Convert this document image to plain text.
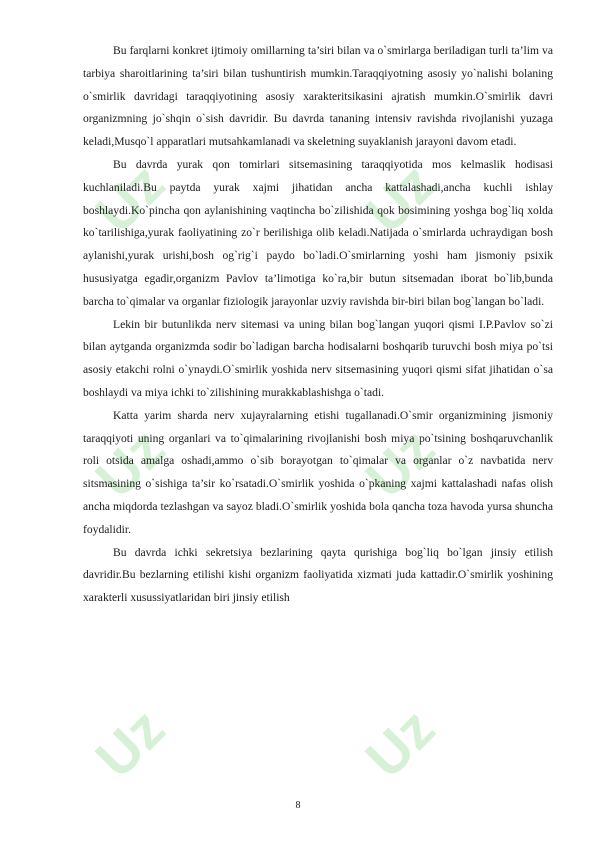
Uz	Uz
Uz	Uz
Uz	Uz

Bu farqlarni konkret ijtimoiy omillarning ta’siri bilan va o`smirlarga beriladigan turli ta’lim va tarbiya sharoitlarining ta’siri bilan tushuntirish mumkin.Taraqqiyotning asosiy yo`nalishi bolaning o`smirlik davridagi taraqqiyotining asosiy xarakteritsikasini ajratish mumkin.O`smirlik davri organizmning jo`shqin o`sish davridir. Bu davrda tananing intensiv ravishda rivojlanishi yuzaga keladi,Musqo`l apparatlari mutsahkamlanadi va skeletning suyaklanish jarayoni davom etadi.

Bu davrda yurak qon tomirlari sitsemasining taraqqiyotida mos kelmaslik hodisasi kuchlaniladi.Bu paytda yurak xajmi jihatidan ancha kattalashadi,ancha kuchli ishlay boshlaydi.Ko`pincha qon aylanishining vaqtincha bo`zilishida qok bosimining yoshga bog`liq xolda ko`tarilishiga,yurak faoliyatining zo`r berilishiga olib keladi.Natijada o`smirlarda uchraydigan bosh aylanishi,yurak urishi,bosh og`rig`i paydo bo`ladi.O`smirlarning yoshi ham jismoniy psixik hususiyatga egadir,organizm Pavlov ta’limotiga ko`ra,bir butun sitsemadan iborat bo`lib,bunda barcha to`qimalar va organlar fiziologik jarayonlar uzviy ravishda bir-biri bilan bog`langan bo`ladi.

Lekin bir butunlikda nerv sitemasi va uning bilan bog`langan yuqori qismi I.P.Pavlov so`zi bilan aytganda organizmda sodir bo`ladigan barcha hodisalarni boshqarib turuvchi bosh miya po`tsi asosiy etakchi rolni o`ynaydi.O`smirlik yoshida nerv sitsemasining yuqori qismi sifat jihatidan o`sa boshlaydi va miya ichki to`zilishining murakkablashishga o`tadi.

Katta yarim sharda nerv xujayralarning etishi tugallanadi.O`smir organizmining jismoniy taraqqiyoti uning organlari va to`qimalarining rivojlanishi bosh miya po`tsining boshqaruvchanlik roli otsida amalga oshadi,ammo o`sib borayotgan to`qimalar va organlar o`z navbatida nerv sitsmasining o`sishiga ta’sir ko`rsatadi.O`smirlik yoshida o`pkaning xajmi kattalashadi nafas olish ancha miqdorda tezlashgan va sayoz bladi.O`smirlik yoshida bola qancha toza havoda yursa shuncha foydalidir.

Bu davrda ichki sekretsiya bezlarining qayta qurishiga bog`liq bo`lgan jinsiy etilish davridir.Bu bezlarning etilishi kishi organizm faoliyatida xizmati juda kattadir.O`smirlik yoshining xarakterli xusussiyatlaridan biri jinsiy etilish

8
